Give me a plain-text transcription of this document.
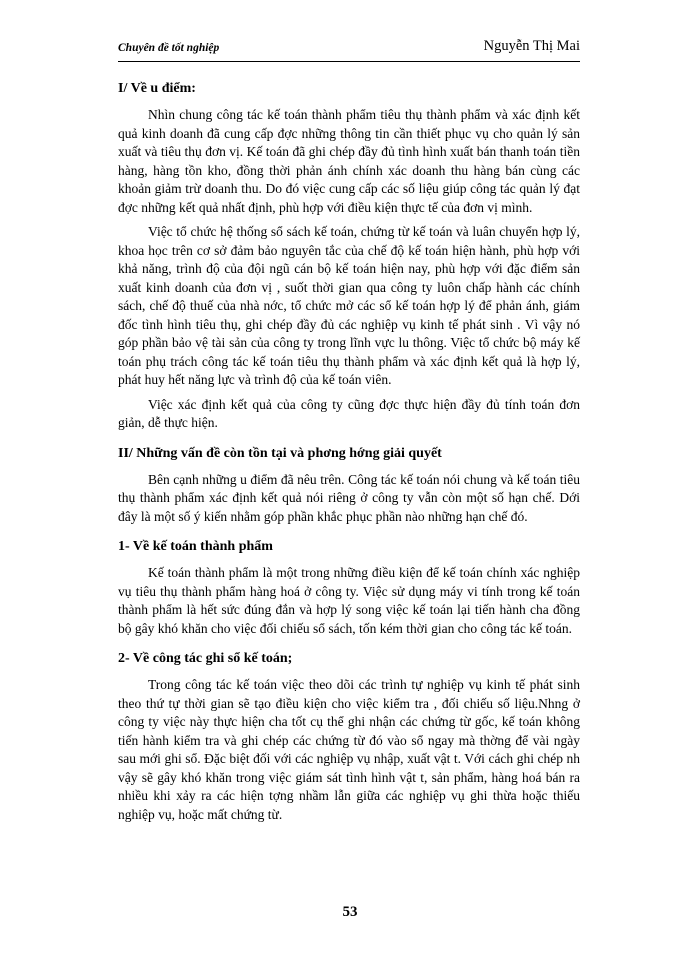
Chuyên đề tốt nghiệp	Nguyễn Thị Mai
I/ Về u điểm:

Nhìn chung công tác kế toán thành phẩm tiêu thụ thành phẩm và xác định kết quả kinh doanh đã cung cấp đợc những thông tin cần thiết phục vụ cho quản lý sản xuất và tiêu thụ đơn vị. Kế toán đã ghi chép đầy đủ tình hình xuất bán thanh toán tiền hàng, hàng tồn kho, đồng thời phản ánh chính xác doanh thu hàng bán cùng các khoản giảm trừ doanh thu. Do đó việc cung cấp các số liệu giúp công tác quản lý đạt đợc những kết quả nhất định, phù hợp với điều kiện thực tế của đơn vị mình.

Việc tổ chức hệ thống sổ sách kế toán, chứng từ kế toán và luân chuyển hợp lý, khoa học trên cơ sở đảm bảo nguyên tắc của chế độ kế toán hiện hành, phù hợp với khả năng, trình độ của đội ngũ cán bộ kế toán hiện nay, phù hợp với đặc điểm sản xuất kinh doanh của đơn vị , suốt thời gian qua công ty luôn chấp hành các chính sách, chế độ thuế của nhà nớc, tổ chức mở các sổ kế toán hợp lý để phản ánh, giám đốc tình hình tiêu thụ, ghi chép đầy đủ các nghiệp vụ kinh tế phát sinh . Vì vậy nó góp phần bảo vệ tài sản của công ty trong lĩnh vực lu thông. Việc tổ chức bộ máy kế toán phụ trách công tác kế toán tiêu thụ thành phẩm và xác định kết quả là hợp lý, phát huy hết năng lực và trình độ của kế toán viên.

Việc xác định kết quả của công ty cũng đợc thực hiện đầy đủ tính toán đơn giản, dễ thực hiện.

II/ Những vấn đề còn tồn tại và phơng hớng giải quyết

Bên cạnh những u điểm đã nêu trên. Công tác kế toán nói chung và kế toán tiêu thụ thành phẩm xác định kết quả nói riêng ở công ty vẫn còn một số hạn chế. Dới đây là một số ý kiến nhằm góp phần khắc phục phần nào những hạn chế đó.

1- Về kế toán thành phẩm

Kế toán thành phẩm là một trong những điều kiện để kế toán chính xác nghiệp vụ tiêu thụ thành phẩm hàng hoá ở công ty. Việc sử dụng máy vi tính trong kế toán thành phẩm là hết sức đúng đắn và hợp lý song việc kế toán lại tiến hành cha đồng bộ gây khó khăn cho việc đối chiếu sổ sách, tốn kém thời gian cho công tác kế toán.

2- Về công tác ghi sổ kế toán;

Trong công tác kế toán việc theo dõi các trình tự nghiệp vụ kinh tế phát sinh theo thứ tự thời gian sẽ tạo điều kiện cho việc kiểm tra , đối chiếu số liệu.Nhng ở công ty việc này thực hiện cha tốt cụ thể ghi nhận các chứng từ gốc, kế toán không tiến hành kiểm tra và ghi chép các chứng từ đó vào sổ ngay mà thờng để vài ngày sau mới ghi sổ. Đặc biệt đối với các nghiệp vụ nhập, xuất vật t. Với cách ghi chép nh vậy sẽ gây khó khăn trong việc giám sát tình hình vật t, sản phẩm, hàng hoá bán ra nhiều khi xảy ra các hiện tợng nhầm lẫn giữa các nghiệp vụ ghi thừa hoặc thiếu nghiệp vụ, hoặc mất chứng từ.

53
